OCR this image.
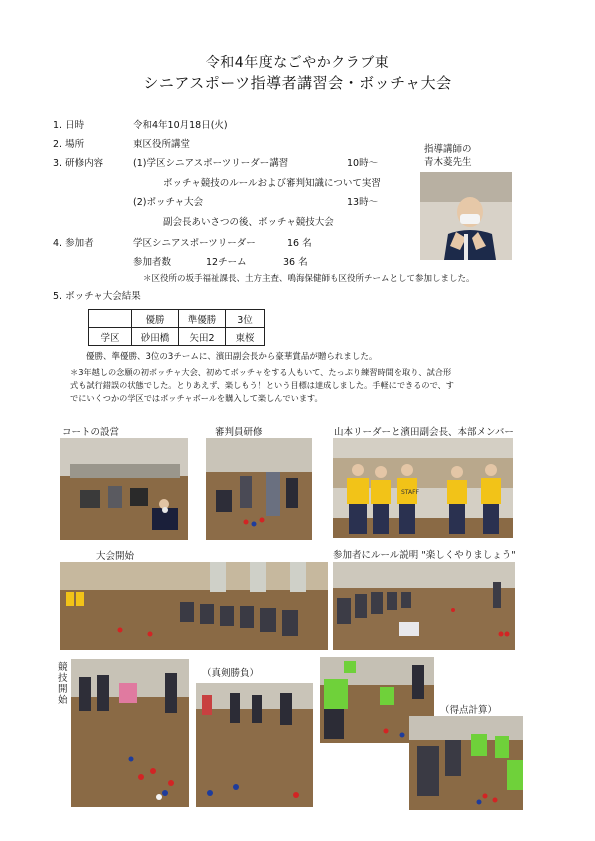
令和4年度なごやかクラブ東
シニアスポーツ指導者講習会・ボッチャ大会
1. 日時	令和4年10月18日(火)
2. 場所	東区役所講堂
3. 研修内容	(1)学区シニアスポーツリーダー講習	10時～
ボッチャ競技のルールおよび審判知識について実習
(2)ボッチャ大会	13時～
副会長あいさつの後、ボッチャ競技大会
4. 参加者	学区シニアスポーツリーダー	16 名
参加者数	12チーム	36 名
＊区役所の坂手福祉課長、土方主査、鳴海保健師も区役所チームとして参加しました。
指導講師の
青木菱先生
5. ボッチャ大会結果
	優勝	準優勝	3位
学区	砂田橋	矢田2	東桜
優勝、準優勝、3位の3チームに、濱田副会長から豪華賞品が贈られました。
＊3年越しの念願の初ボッチャ大会、初めてボッチャをする人もいて、たっぷり練習時間を取り、試合形
式も試行錯誤の状態でした。とりあえず、楽しもう！という目標は達成しました。手軽にできるので、す
でにいくつかの学区ではボッチャボールを購入して楽しんでいます。
コートの設営	審判員研修	山本リーダーと濱田副会長、本部メンバー
STAFF
大会開始	参加者にルール説明 "楽しくやりましょう"
競技開始
（真剣勝負）
（得点計算）
